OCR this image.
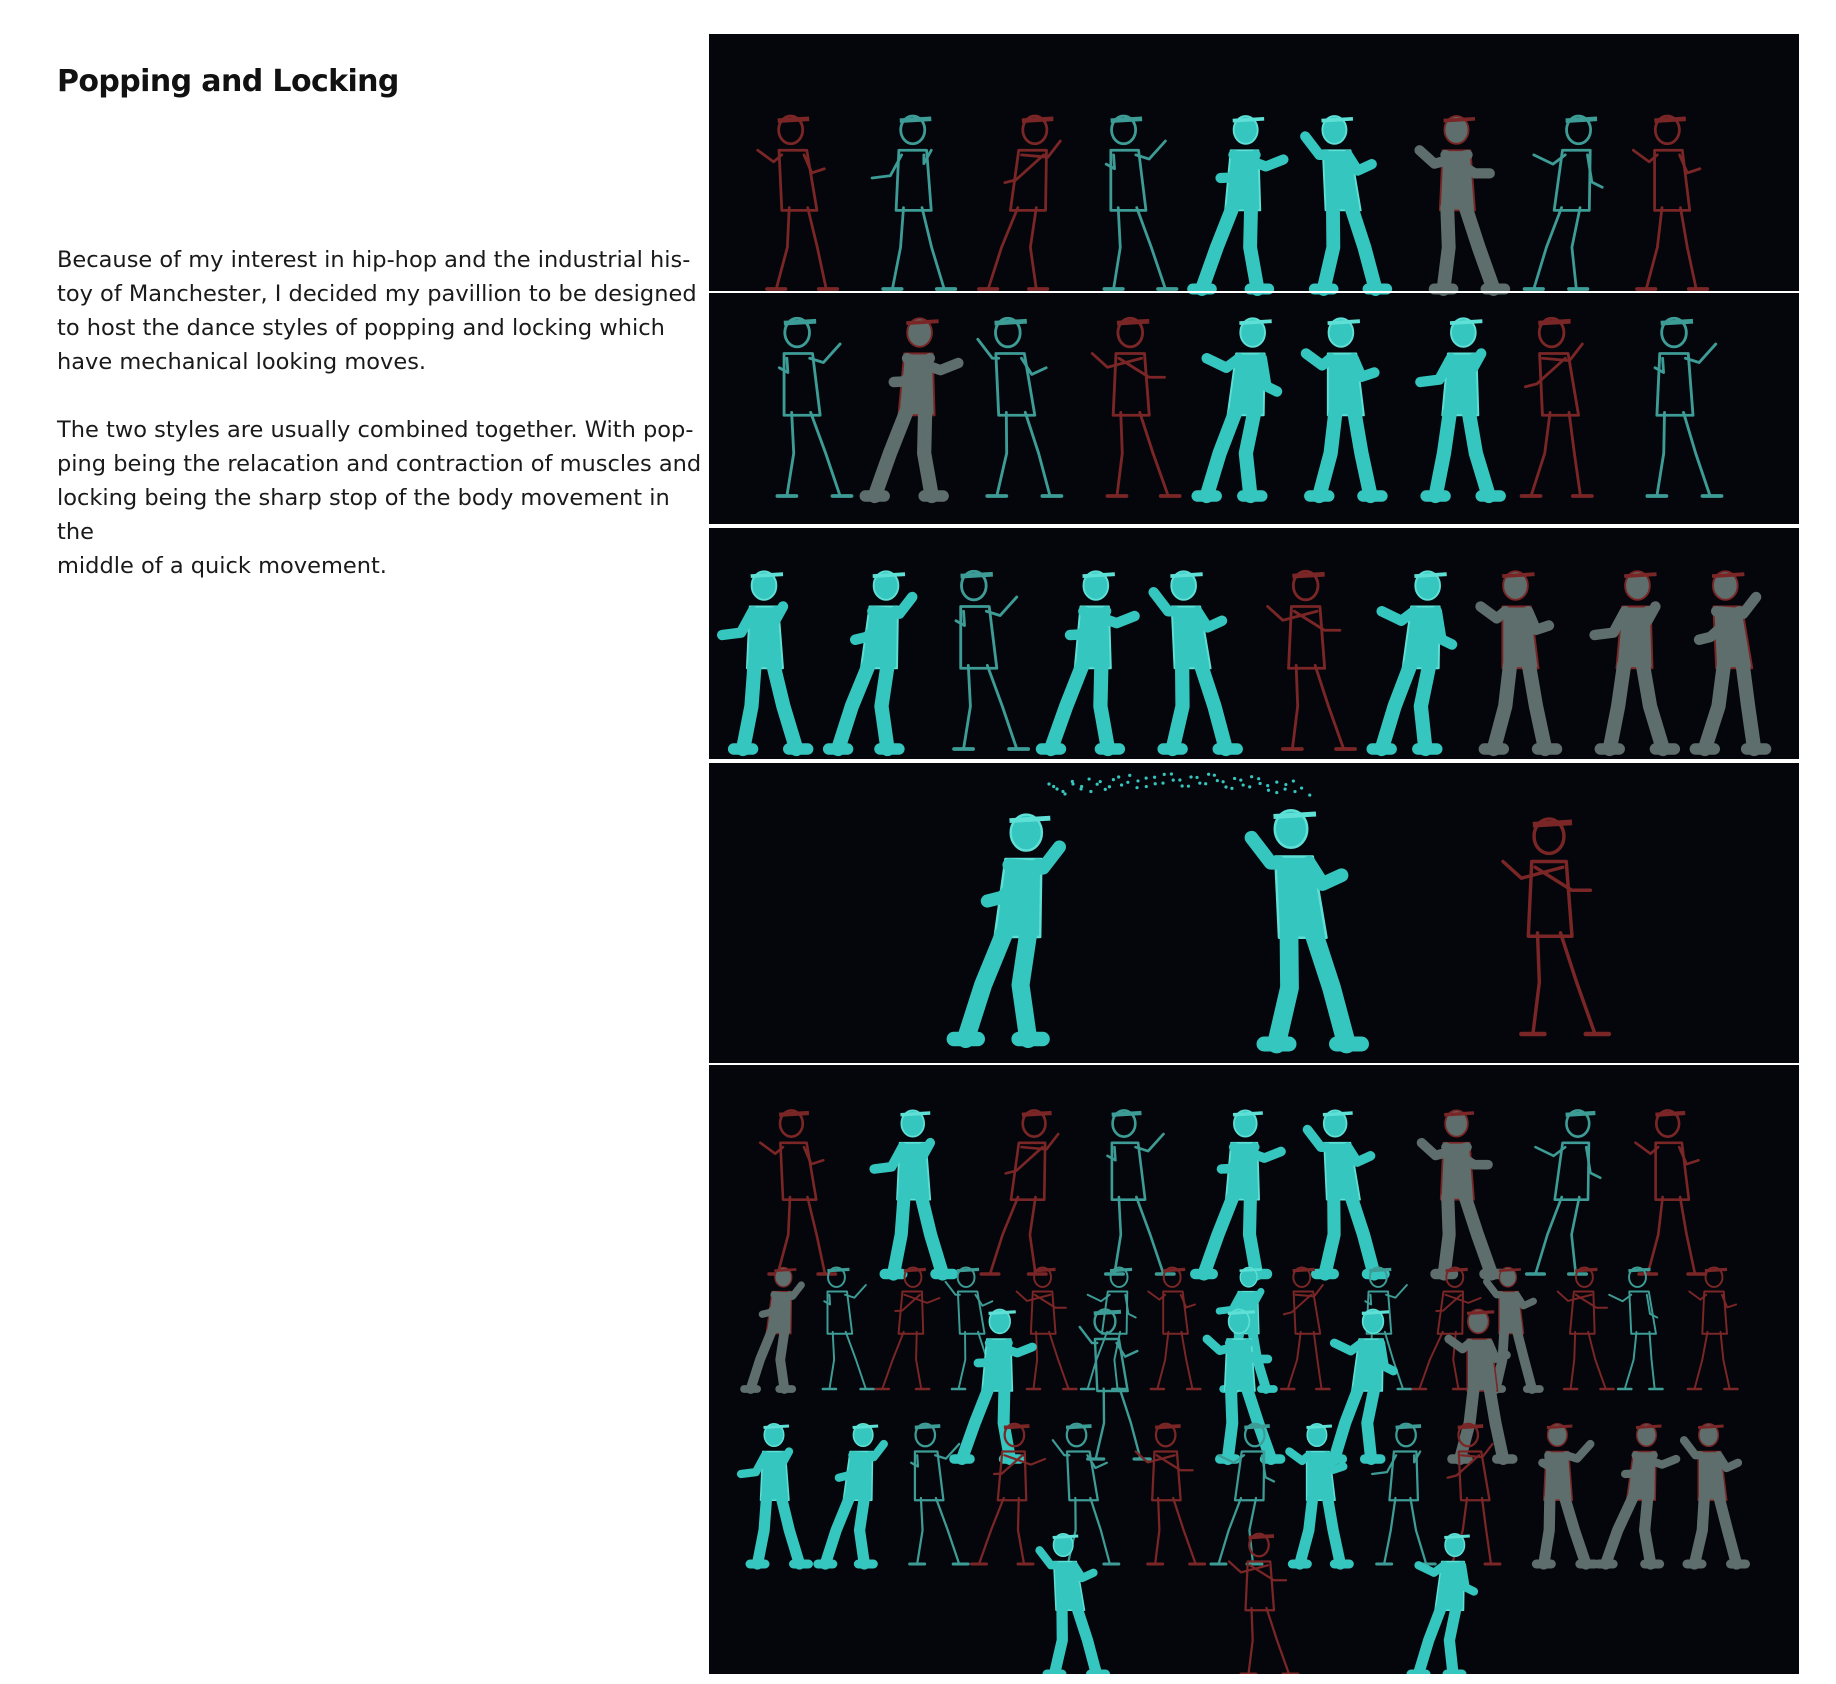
Popping and Locking

Because of my interest in hip-hop and the industrial his-
toy of Manchester, I decided my pavillion to be designed
to host the dance styles of popping and locking which
have mechanical looking moves.

The two styles are usually combined together. With pop-
ping being the relacation and contraction of muscles and
locking being the sharp stop of the body movement in the
middle of a quick movement.
